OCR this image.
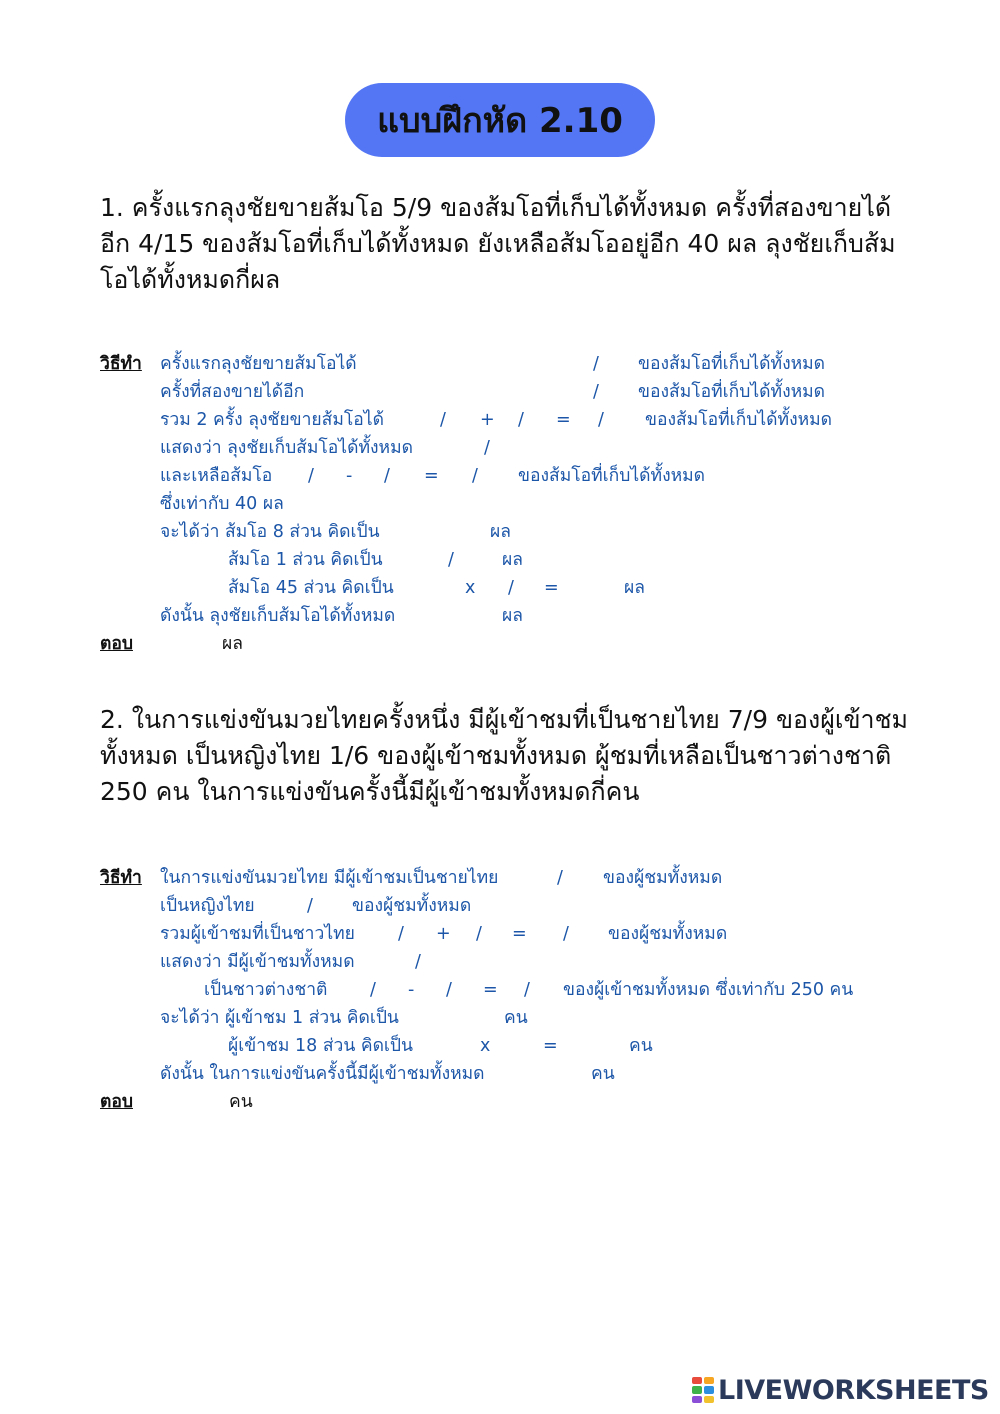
แบบฝึกหัด 2.10
1. ครั้งแรกลุงชัยขายส้มโอ 5/9 ของส้มโอที่เก็บได้ทั้งหมด ครั้งที่สองขายได้อีก 4/15 ของส้มโอที่เก็บได้ทั้งหมด ยังเหลือส้มโออยู่อีก 40 ผล ลุงชัยเก็บส้มโอได้ทั้งหมดกี่ผล
วิธีทำ ครั้งแรกลุงชัยขายส้มโอได้	/ ของส้มโอที่เก็บได้ทั้งหมด
ครั้งที่สองขายได้อีก	/ ของส้มโอที่เก็บได้ทั้งหมด
รวม 2 ครั้ง ลุงชัยขายส้มโอได้	/ + / = / ของส้มโอที่เก็บได้ทั้งหมด
แสดงว่า ลุงชัยเก็บส้มโอได้ทั้งหมด	/
และเหลือส้มโอ / - / = / ของส้มโอที่เก็บได้ทั้งหมด
ซึ่งเท่ากับ 40 ผล
จะได้ว่า ส้มโอ 8 ส่วน คิดเป็น	ผล
ส้มโอ 1 ส่วน คิดเป็น	/	ผล
ส้มโอ 45 ส่วน คิดเป็น	x / =	ผล
ดังนั้น ลุงชัยเก็บส้มโอได้ทั้งหมด	ผล
ตอบ	ผล
2. ในการแข่งขันมวยไทยครั้งหนึ่ง มีผู้เข้าชมที่เป็นชายไทย 7/9 ของผู้เข้าชมทั้งหมด เป็นหญิงไทย 1/6 ของผู้เข้าชมทั้งหมด ผู้ชมที่เหลือเป็นชาวต่างชาติ 250 คน ในการแข่งขันครั้งนี้มีผู้เข้าชมทั้งหมดกี่คน
วิธีทำ ในการแข่งขันมวยไทย มีผู้เข้าชมเป็นชายไทย	/ ของผู้ชมทั้งหมด
เป็นหญิงไทย	/ ของผู้ชมทั้งหมด
รวมผู้เข้าชมที่เป็นชาวไทย / + / = / ของผู้ชมทั้งหมด
แสดงว่า มีผู้เข้าชมทั้งหมด	/
เป็นชาวต่างชาติ / - / = / ของผู้เข้าชมทั้งหมด ซึ่งเท่ากับ 250 คน
จะได้ว่า ผู้เข้าชม 1 ส่วน คิดเป็น	คน
ผู้เข้าชม 18 ส่วน คิดเป็น	x	=	คน
ดังนั้น ในการแข่งขันครั้งนี้มีผู้เข้าชมทั้งหมด	คน
ตอบ	คน
LIVEWORKSHEETS
